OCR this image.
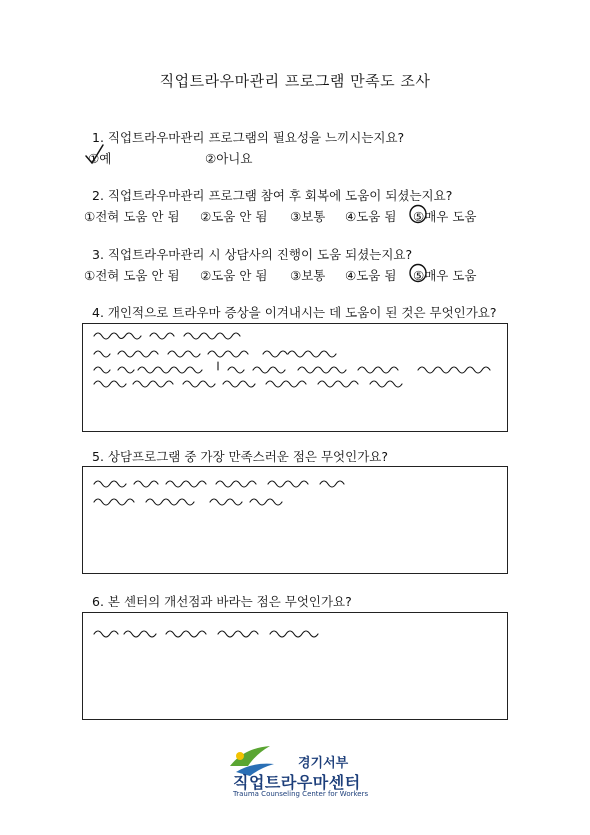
직업트라우마관리 프로그램 만족도 조사
1. 직업트라우마관리 프로그램의 필요성을 느끼시는지요?
①예	②아니요
2. 직업트라우마관리 프로그램 참여 후 회복에 도움이 되셨는지요?
①전혀 도움 안 됨 ②도움 안 됨 ③보통 ④도움 됨 ⑤매우 도움
3. 직업트라우마관리 시 상담사의 진행이 도움 되셨는지요?
①전혀 도움 안 됨 ②도움 안 됨 ③보통 ④도움 됨 ⑤매우 도움
4. 개인적으로 트라우마 증상을 이겨내시는 데 도움이 된 것은 무엇인가요?
5. 상담프로그램 중 가장 만족스러운 점은 무엇인가요?
6. 본 센터의 개선점과 바라는 점은 무엇인가요?
경기서부
직업트라우마센터
Trauma Counseling Center for Workers
